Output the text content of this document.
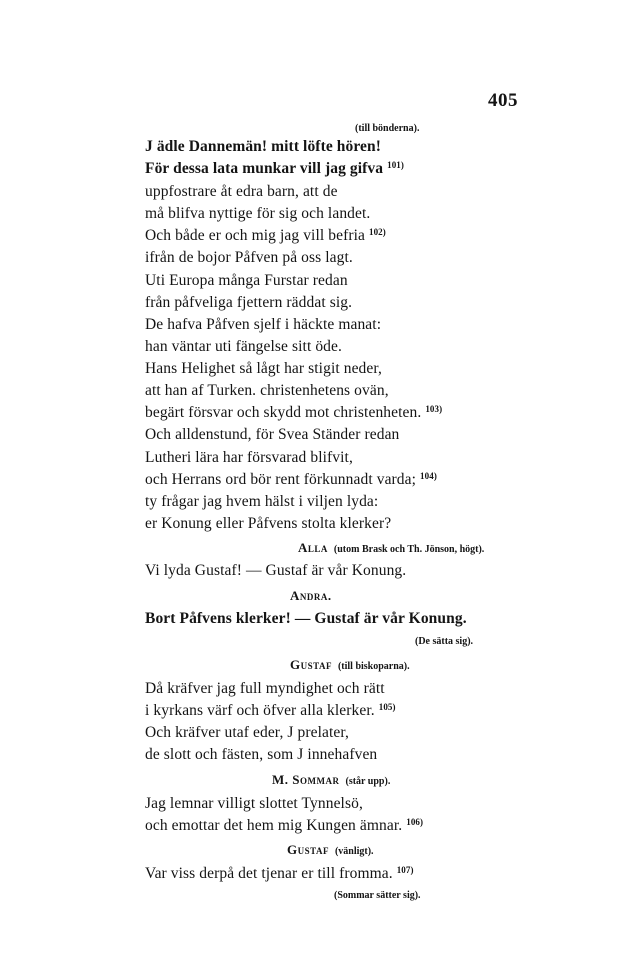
405
(till bönderna).
J ädle Dannemän! mitt löfte hören!
För dessa lata munkar vill jag gifva $^{101)}$
uppfostrare åt edra barn, att de
må blifva nyttige för sig och landet.
Och både er och mig jag vill befria $^{102)}$
ifrån de bojor Påfven på oss lagt.
Uti Europa många Furstar redan
från påfveliga fjettern räddat sig.
De hafva Påfven sjelf i häckte manat:
han väntar uti fängelse sitt öde.
Hans Helighet så lågt har stigit neder,
att han af Turken. christenhetens ovän,
begärt försvar och skydd mot christenheten. $^{103)}$
Och alldenstund, för Svea Ständer redan
Lutheri lära har försvarad blifvit,
och Herrans ord bör rent förkunnadt varda; $^{104)}$
ty frågar jag hvem hälst i viljen lyda:
er Konung eller Påfvens stolta klerker?
Alla (utom Brask och Th. Jönson, högt).
Vi lyda Gustaf! — Gustaf är vår Konung.
Andra.
Bort Påfvens klerker! — Gustaf är vår Konung.
(De sätta sig).
Gustaf (till biskoparna).
Då kräfver jag full myndighet och rätt
i kyrkans värf och öfver alla klerker. $^{105)}$
Och kräfver utaf eder, J prelater,
de slott och fästen, som J innehafven
M. Sommar (står upp).
Jag lemnar villigt slottet Tynnelsö,
och emottar det hem mig Kungen ämnar. $^{106)}$
Gustaf (vänligt).
Var viss derpå det tjenar er till fromma. $^{107)}$
(Sommar sätter sig).
